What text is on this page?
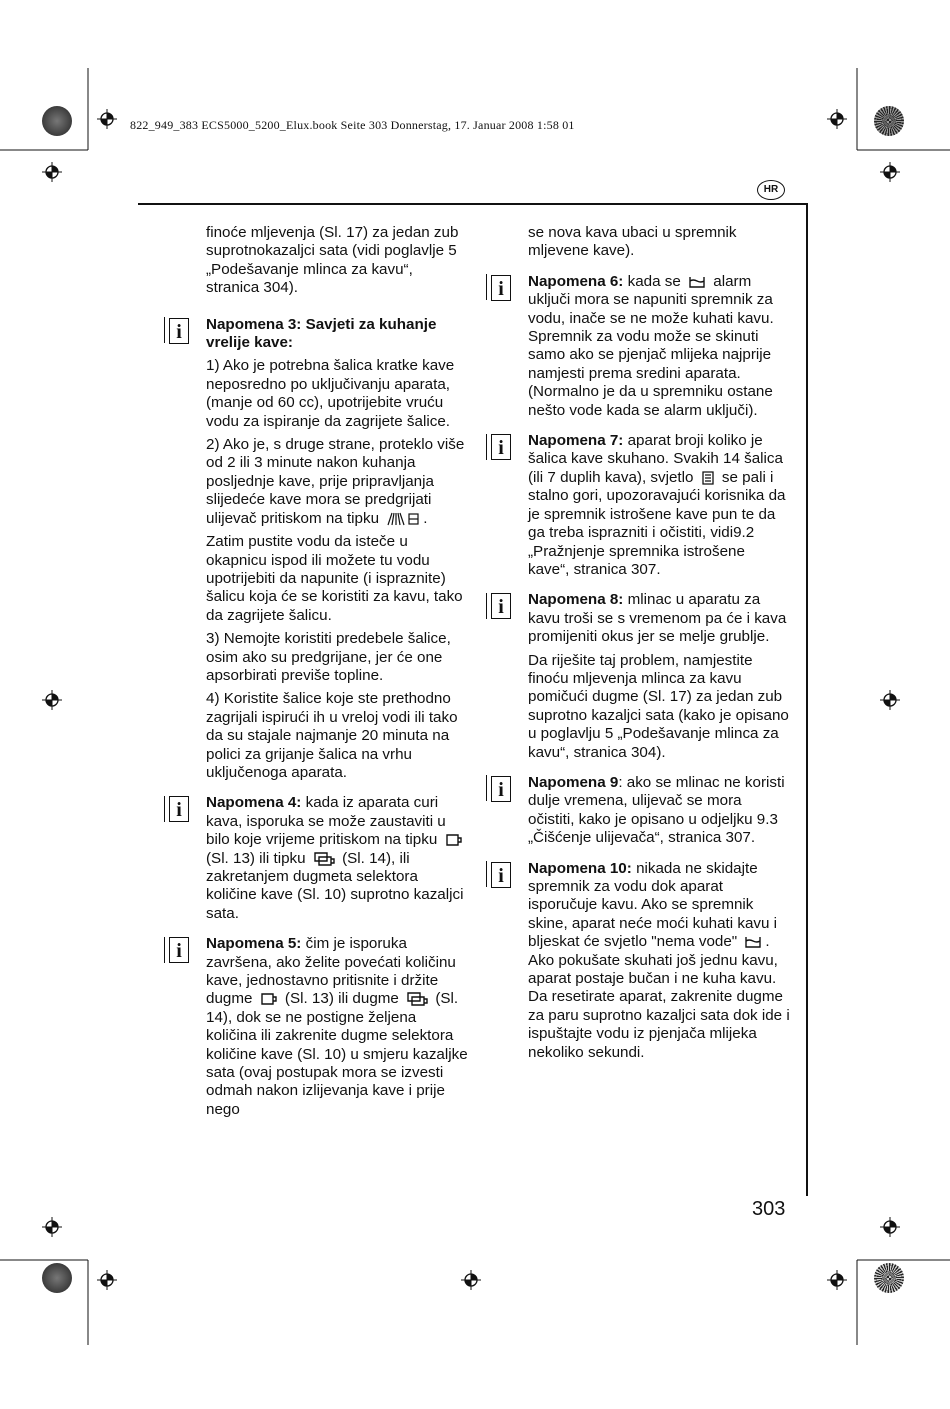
822_949_383 ECS5000_5200_Elux.book Seite 303 Donnerstag, 17. Januar 2008 1:58 01
HR

finoće mljevenja (Sl. 17) za jedan zub suprotnokazaljci sata (vidi poglavlje 5 „Podešavanje mlinca za kavu“, stranica 304).

i	Napomena 3: Savjeti za kuhanje vrelije kave:

1) Ako je potrebna šalica kratke kave neposredno po uključivanju aparata, (manje od 60 cc), upotrijebite vruću vodu za ispiranje da zagrijete šalice.

2) Ako je, s druge strane, proteklo više od 2 ili 3 minute nakon kuhanja posljednje kave, prije pripravljanja slijedeće kave mora se predgrijati ulijevač pritiskom na tipku	.

Zatim pustite vodu da isteče u okapnicu ispod ili možete tu vodu upotrijebiti da napunite (i ispraznite) šalicu koja će se koristiti za kavu, tako da zagrijete šalicu.

3) Nemojte koristiti predebele šalice, osim ako su predgrijane, jer će one apsorbirati previše topline.

4) Koristite šalice koje ste prethodno zagrijali ispirući ih u vreloj vodi ili tako da su stajale najmanje 20 minuta na polici za grijanje šalica na vrhu uključenoga aparata.

i	Napomena 4: kada iz aparata curi kava, isporuka se može zaustaviti u bilo koje vrijeme pritiskom na tipku  (Sl. 13) ili tipku (Sl. 14), ili zakretanjem dugmeta selektora količine kave (Sl. 10) suprotno kazaljci sata.

i	Napomena 5: čim je isporuka završena, ako želite povećati količinu kave, jednostavno pritisnite i držite dugme (Sl. 13) ili dugme (Sl. 14), dok se ne postigne željena količina ili zakrenite dugme selektora količine kave (Sl. 10) u smjeru kazaljke sata (ovaj postupak mora se izvesti odmah nakon izlijevanja kave i prije nego

se nova kava ubaci u spremnik mljevene kave).

i	Napomena 6: kada se alarm uključi mora se napuniti spremnik za vodu, inače se ne može kuhati kavu. Spremnik za vodu može se skinuti samo ako se pjenjač mlijeka najprije namjesti prema sredini aparata. (Normalno je da u spremniku ostane nešto vode kada se alarm uključi).

i	Napomena 7: aparat broji koliko je šalica kave skuhano. Svakih 14 šalica (ili 7 duplih kava), svjetlo se pali i stalno gori, upozoravajući korisnika da je spremnik istrošene kave pun te da ga treba isprazniti i očistiti, vidi9.2 „Pražnjenje spremnika istrošene kave“, stranica 307.

i	Napomena 8: mlinac u aparatu za kavu troši se s vremenom pa će i kava promijeniti okus jer se melje grublje.

Da riješite taj problem, namjestite finoću mljevenja mlinca za kavu pomičući dugme (Sl. 17) za jedan zub suprotno kazaljci sata (kako je opisano u poglavlju 5 „Podešavanje mlinca za kavu“, stranica 304).

i	Napomena 9: ako se mlinac ne koristi dulje vremena, ulijevač se mora očistiti, kako je opisano u odjeljku 9.3 „Čišćenje ulijevača“, stranica 307.

i	Napomena 10: nikada ne skidajte spremnik za vodu dok aparat isporučuje kavu. Ako se spremnik skine, aparat neće moći kuhati kavu i bljeskat će svjetlo "nema vode" . Ako pokušate skuhati još jednu kavu, aparat postaje bučan i ne kuha kavu. Da resetirate aparat, zakrenite dugme za paru suprotno kazaljci sata dok ide i ispuštajte vodu iz pjenjača mlijeka nekoliko sekundi.

303
